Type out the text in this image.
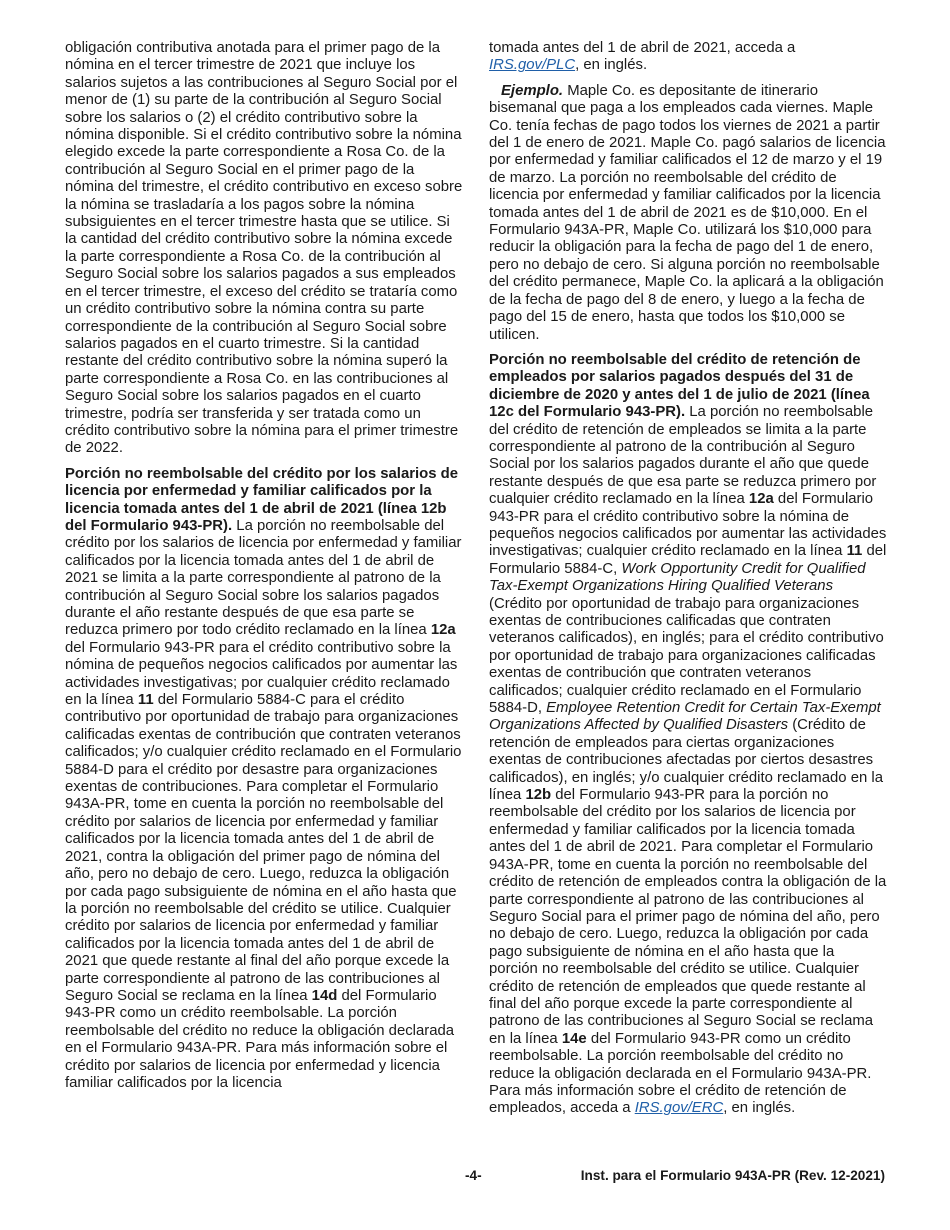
obligación contributiva anotada para el primer pago de la nómina en el tercer trimestre de 2021 que incluye los salarios sujetos a las contribuciones al Seguro Social por el menor de (1) su parte de la contribución al Seguro Social sobre los salarios o (2) el crédito contributivo sobre la nómina disponible. Si el crédito contributivo sobre la nómina elegido excede la parte correspondiente a Rosa Co. de la contribución al Seguro Social en el primer pago de la nómina del trimestre, el crédito contributivo en exceso sobre la nómina se trasladaría a los pagos sobre la nómina subsiguientes en el tercer trimestre hasta que se utilice. Si la cantidad del crédito contributivo sobre la nómina excede la parte correspondiente a Rosa Co. de la contribución al Seguro Social sobre los salarios pagados a sus empleados en el tercer trimestre, el exceso del crédito se trataría como un crédito contributivo sobre la nómina contra su parte correspondiente de la contribución al Seguro Social sobre salarios pagados en el cuarto trimestre. Si la cantidad restante del crédito contributivo sobre la nómina superó la parte correspondiente a Rosa Co. en las contribuciones al Seguro Social sobre los salarios pagados en el cuarto trimestre, podría ser transferida y ser tratada como un crédito contributivo sobre la nómina para el primer trimestre de 2022.

Porción no reembolsable del crédito por los salarios de licencia por enfermedad y familiar calificados por la licencia tomada antes del 1 de abril de 2021 (línea 12b del Formulario 943-PR). La porción no reembolsable del crédito por los salarios de licencia por enfermedad y familiar calificados por la licencia tomada antes del 1 de abril de 2021 se limita a la parte correspondiente al patrono de la contribución al Seguro Social sobre los salarios pagados durante el año restante después de que esa parte se reduzca primero por todo crédito reclamado en la línea 12a del Formulario 943-PR para el crédito contributivo sobre la nómina de pequeños negocios calificados por aumentar las actividades investigativas; por cualquier crédito reclamado en la línea 11 del Formulario 5884-C para el crédito contributivo por oportunidad de trabajo para organizaciones calificadas exentas de contribución que contraten veteranos calificados; y/o cualquier crédito reclamado en el Formulario 5884-D para el crédito por desastre para organizaciones exentas de contribuciones. Para completar el Formulario 943A-PR, tome en cuenta la porción no reembolsable del crédito por salarios de licencia por enfermedad y familiar calificados por la licencia tomada antes del 1 de abril de 2021, contra la obligación del primer pago de nómina del año, pero no debajo de cero. Luego, reduzca la obligación por cada pago subsiguiente de nómina en el año hasta que la porción no reembolsable del crédito se utilice. Cualquier crédito por salarios de licencia por enfermedad y familiar calificados por la licencia tomada antes del 1 de abril de 2021 que quede restante al final del año porque excede la parte correspondiente al patrono de las contribuciones al Seguro Social se reclama en la línea 14d del Formulario 943-PR como un crédito reembolsable. La porción reembolsable del crédito no reduce la obligación declarada en el Formulario 943A-PR. Para más información sobre el crédito por salarios de licencia por enfermedad y licencia familiar calificados por la licencia

tomada antes del 1 de abril de 2021, acceda a IRS.gov/PLC, en inglés.

Ejemplo. Maple Co. es depositante de itinerario bisemanal que paga a los empleados cada viernes. Maple Co. tenía fechas de pago todos los viernes de 2021 a partir del 1 de enero de 2021. Maple Co. pagó salarios de licencia por enfermedad y familiar calificados el 12 de marzo y el 19 de marzo. La porción no reembolsable del crédito de licencia por enfermedad y familiar calificados por la licencia tomada antes del 1 de abril de 2021 es de $10,000. En el Formulario 943A-PR, Maple Co. utilizará los $10,000 para reducir la obligación para la fecha de pago del 1 de enero, pero no debajo de cero. Si alguna porción no reembolsable del crédito permanece, Maple Co. la aplicará a la obligación de la fecha de pago del 8 de enero, y luego a la fecha de pago del 15 de enero, hasta que todos los $10,000 se utilicen.

Porción no reembolsable del crédito de retención de empleados por salarios pagados después del 31 de diciembre de 2020 y antes del 1 de julio de 2021 (línea 12c del Formulario 943-PR). La porción no reembolsable del crédito de retención de empleados se limita a la parte correspondiente al patrono de la contribución al Seguro Social por los salarios pagados durante el año que quede restante después de que esa parte se reduzca primero por cualquier crédito reclamado en la línea 12a del Formulario 943-PR para el crédito contributivo sobre la nómina de pequeños negocios calificados por aumentar las actividades investigativas; cualquier crédito reclamado en la línea 11 del Formulario 5884-C, Work Opportunity Credit for Qualified Tax-Exempt Organizations Hiring Qualified Veterans (Crédito por oportunidad de trabajo para organizaciones exentas de contribuciones calificadas que contraten veteranos calificados), en inglés; para el crédito contributivo por oportunidad de trabajo para organizaciones calificadas exentas de contribución que contraten veteranos calificados; cualquier crédito reclamado en el Formulario 5884-D, Employee Retention Credit for Certain Tax-Exempt Organizations Affected by Qualified Disasters (Crédito de retención de empleados para ciertas organizaciones exentas de contribuciones afectadas por ciertos desastres calificados), en inglés; y/o cualquier crédito reclamado en la línea 12b del Formulario 943-PR para la porción no reembolsable del crédito por los salarios de licencia por enfermedad y familiar calificados por la licencia tomada antes del 1 de abril de 2021. Para completar el Formulario 943A-PR, tome en cuenta la porción no reembolsable del crédito de retención de empleados contra la obligación de la parte correspondiente al patrono de las contribuciones al Seguro Social para el primer pago de nómina del año, pero no debajo de cero. Luego, reduzca la obligación por cada pago subsiguiente de nómina en el año hasta que la porción no reembolsable del crédito se utilice. Cualquier crédito de retención de empleados que quede restante al final del año porque excede la parte correspondiente al patrono de las contribuciones al Seguro Social se reclama en la línea 14e del Formulario 943-PR como un crédito reembolsable. La porción reembolsable del crédito no reduce la obligación declarada en el Formulario 943A-PR. Para más información sobre el crédito de retención de empleados, acceda a IRS.gov/ERC, en inglés.

-4-	Inst. para el Formulario 943A-PR (Rev. 12-2021)
